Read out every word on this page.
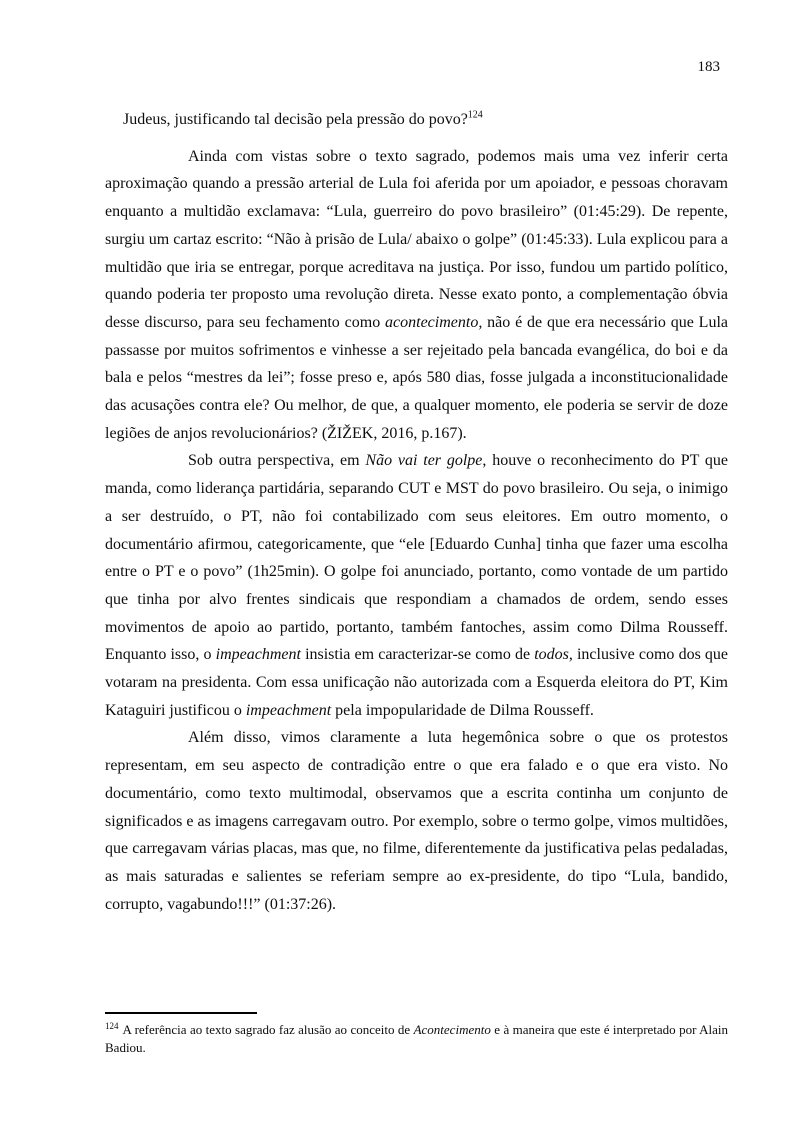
183

Judeus, justificando tal decisão pela pressão do povo?$^{124}$

Ainda com vistas sobre o texto sagrado, podemos mais uma vez inferir certa aproximação quando a pressão arterial de Lula foi aferida por um apoiador, e pessoas choravam enquanto a multidão exclamava: “Lula, guerreiro do povo brasileiro” (01:45:29). De repente, surgiu um cartaz escrito: “Não à prisão de Lula/ abaixo o golpe” (01:45:33). Lula explicou para a multidão que iria se entregar, porque acreditava na justiça. Por isso, fundou um partido político, quando poderia ter proposto uma revolução direta. Nesse exato ponto, a complementação óbvia desse discurso, para seu fechamento como acontecimento, não é de que era necessário que Lula passasse por muitos sofrimentos e vinhesse a ser rejeitado pela bancada evangélica, do boi e da bala e pelos “mestres da lei”; fosse preso e, após 580 dias, fosse julgada a inconstitucionalidade das acusações contra ele? Ou melhor, de que, a qualquer momento, ele poderia se servir de doze legiões de anjos revolucionários? (ŽIŽEK, 2016, p.167).

Sob outra perspectiva, em Não vai ter golpe, houve o reconhecimento do PT que manda, como liderança partidária, separando CUT e MST do povo brasileiro. Ou seja, o inimigo a ser destruído, o PT, não foi contabilizado com seus eleitores. Em outro momento, o documentário afirmou, categoricamente, que “ele [Eduardo Cunha] tinha que fazer uma escolha entre o PT e o povo” (1h25min). O golpe foi anunciado, portanto, como vontade de um partido que tinha por alvo frentes sindicais que respondiam a chamados de ordem, sendo esses movimentos de apoio ao partido, portanto, também fantoches, assim como Dilma Rousseff. Enquanto isso, o impeachment insistia em caracterizar-se como de todos, inclusive como dos que votaram na presidenta. Com essa unificação não autorizada com a Esquerda eleitora do PT, Kim Kataguiri justificou o impeachment pela impopularidade de Dilma Rousseff.

Além disso, vimos claramente a luta hegemônica sobre o que os protestos representam, em seu aspecto de contradição entre o que era falado e o que era visto. No documentário, como texto multimodal, observamos que a escrita continha um conjunto de significados e as imagens carregavam outro. Por exemplo, sobre o termo golpe, vimos multidões, que carregavam várias placas, mas que, no filme, diferentemente da justificativa pelas pedaladas, as mais saturadas e salientes se referiam sempre ao ex-presidente, do tipo “Lula, bandido, corrupto, vagabundo!!!” (01:37:26).

$^{124}$ A referência ao texto sagrado faz alusão ao conceito de Acontecimento e à maneira que este é interpretado por Alain Badiou.
